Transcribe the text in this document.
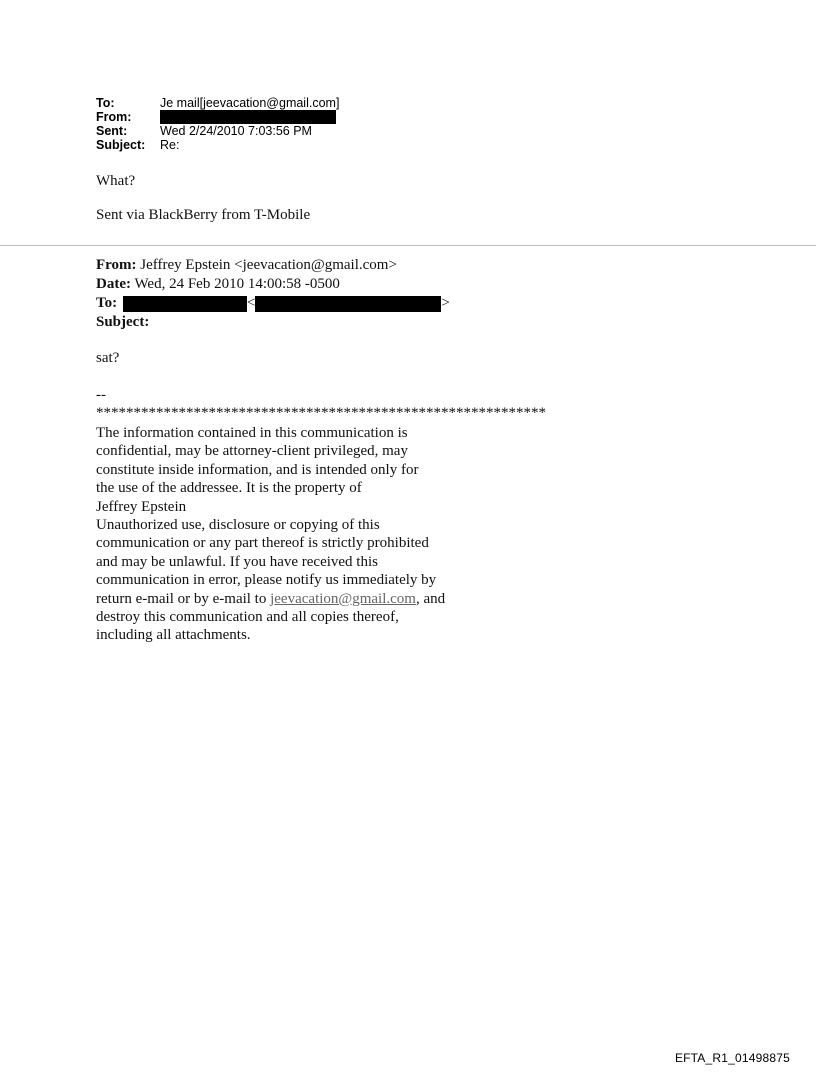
To:	Je mail[jeevacation@gmail.com]
From:
Sent:	Wed 2/24/2010 7:03:56 PM
Subject: Re:
What?
Sent via BlackBerry from T-Mobile
From: Jeffrey Epstein <jeevacation@gmail.com>
Date: Wed, 24 Feb 2010 14:00:58 -0500
To:	<	>
Subject:
sat?
--
************************************************************
The information contained in this communication is
confidential, may be attorney-client privileged, may
constitute inside information, and is intended only for
the use of the addressee. It is the property of
Jeffrey Epstein
Unauthorized use, disclosure or copying of this
communication or any part thereof is strictly prohibited
and may be unlawful. If you have received this
communication in error, please notify us immediately by
return e-mail or by e-mail to jeevacation@gmail.com, and
destroy this communication and all copies thereof,
including all attachments.
EFTA_R1_01498875
